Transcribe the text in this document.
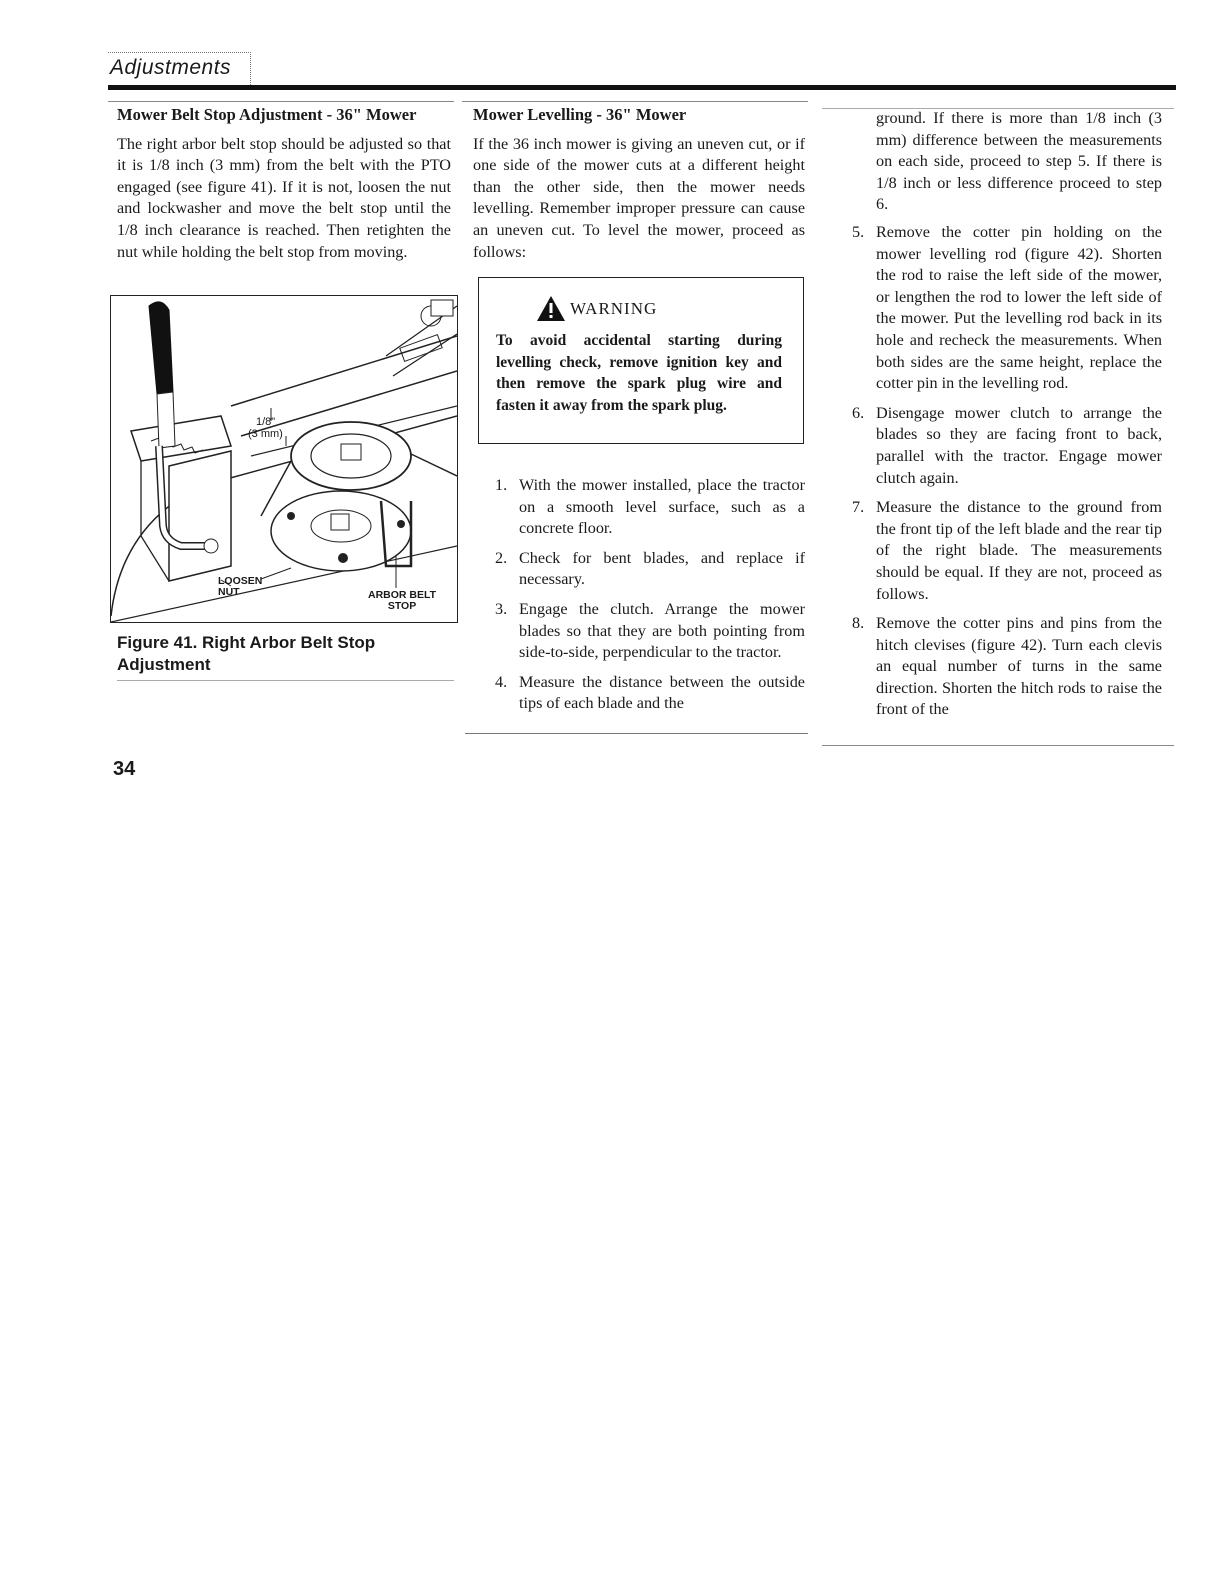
Adjustments

Mower Belt Stop Adjustment - 36" Mower

The right arbor belt stop should be adjusted so that it is 1/8 inch (3 mm) from the belt with the PTO engaged (see figure 41). If it is not, loosen the nut and lockwasher and move the belt stop until the 1/8 inch clearance is reached. Then retighten the nut while holding the belt stop from moving.

1/8"
(3 mm)
LOOSEN
NUT	ARBOR BELT
STOP
Figure 41. Right Arbor Belt Stop
Adjustment

Mower Levelling - 36" Mower

If the 36 inch mower is giving an uneven cut, or if one side of the mower cuts at a different height than the other side, then the mower needs levelling. Remember improper pressure can cause an uneven cut. To level the mower, proceed as follows:

WARNING
To avoid accidental starting during levelling check, remove ignition key and then remove the spark plug wire and fasten it away from the spark plug.
1. With the mower installed, place the tractor on a smooth level surface, such as a concrete floor.
2. Check for bent blades, and replace if necessary.
3. Engage the clutch. Arrange the mower blades so that they are both pointing from side-to-side, perpendicular to the tractor.
4. Measure the distance between the outside tips of each blade and the

ground. If there is more than 1/8 inch (3 mm) difference between the measurements on each side, proceed to step 5. If there is 1/8 inch or less difference proceed to step 6.

5. Remove the cotter pin holding on the mower levelling rod (figure 42). Shorten the rod to raise the left side of the mower, or lengthen the rod to lower the left side of the mower. Put the levelling rod back in its hole and recheck the measurements. When both sides are the same height, replace the cotter pin in the levelling rod.
6. Disengage mower clutch to arrange the blades so they are facing front to back, parallel with the tractor. Engage mower clutch again.
7. Measure the distance to the ground from the front tip of the left blade and the rear tip of the right blade. The measurements should be equal. If they are not, proceed as follows.
8. Remove the cotter pins and pins from the hitch clevises (figure 42). Turn each clevis an equal number of turns in the same direction. Shorten the hitch rods to raise the front of the
34
